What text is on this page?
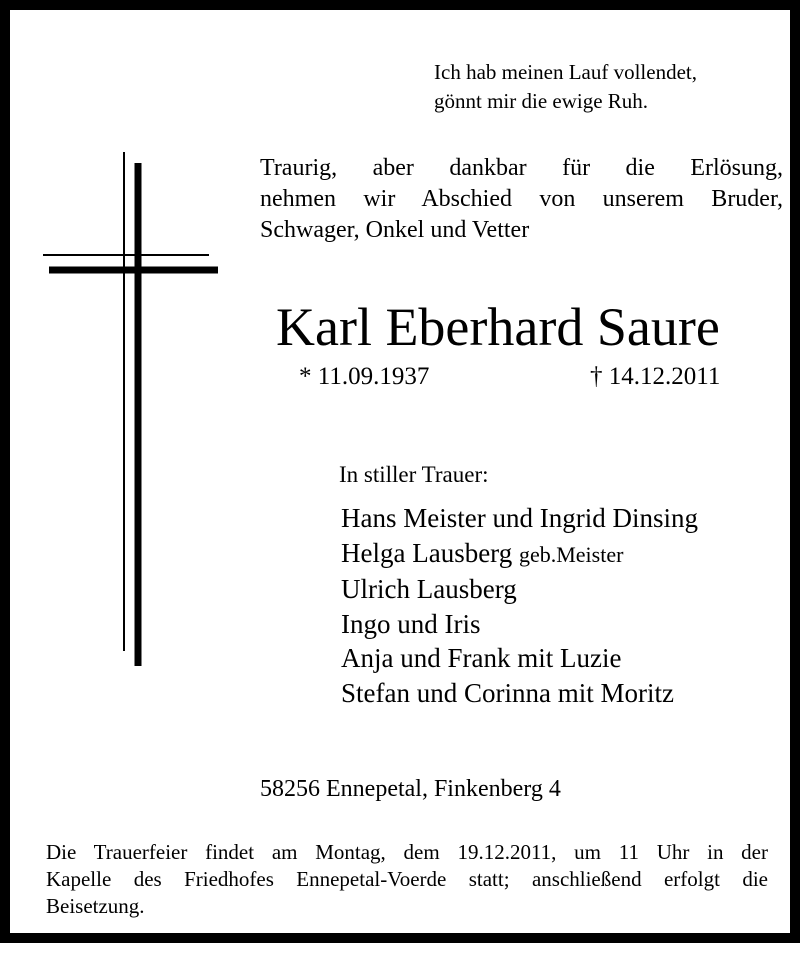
Ich hab meinen Lauf vollendet,
gönnt mir die ewige Ruh.
Traurig, aber dankbar für die Erlösung,
nehmen wir Abschied von unserem Bruder,
Schwager, Onkel und Vetter
Karl Eberhard Saure
* 11.09.1937	† 14.12.2011
In stiller Trauer:
Hans Meister und Ingrid Dinsing
Helga Lausberg geb.Meister
Ulrich Lausberg
Ingo und Iris
Anja und Frank mit Luzie
Stefan und Corinna mit Moritz
58256 Ennepetal, Finkenberg 4
Die Trauerfeier findet am Montag, dem 19.12.2011, um 11 Uhr in der
Kapelle des Friedhofes Ennepetal-Voerde statt; anschließend erfolgt die
Beisetzung.
